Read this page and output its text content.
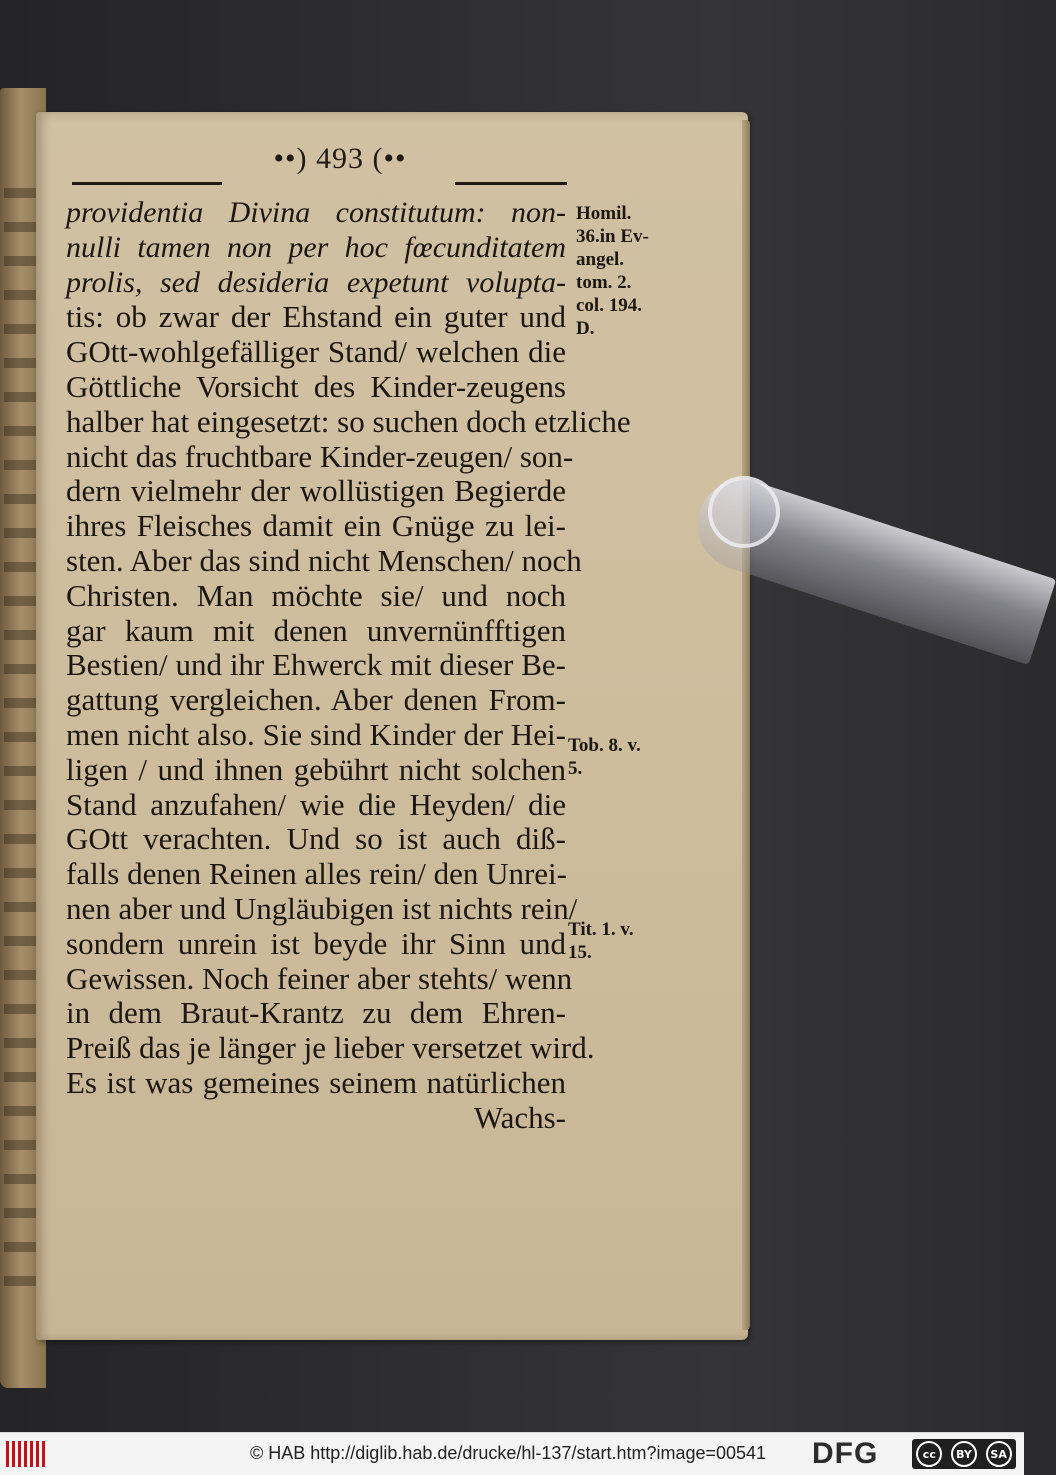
••) 493 (••
providentia Divina constitutum: non-
nulli tamen non per hoc fœcunditatem
prolis, sed desideria expetunt volupta-
tis: ob zwar der Ehstand ein guter und
GOtt-wohlgefälliger Stand/ welchen die
Göttliche Vorsicht des Kinder-zeugens
halber hat eingesetzt: so suchen doch etzliche
nicht das fruchtbare Kinder-zeugen/ son-
dern vielmehr der wollüstigen Begierde
ihres Fleisches damit ein Gnüge zu lei-
sten. Aber das sind nicht Menschen/ noch
Christen. Man möchte sie/ und noch
gar kaum mit denen unvernünfftigen
Bestien/ und ihr Ehwerck mit dieser Be-
gattung vergleichen. Aber denen From-
men nicht also. Sie sind Kinder der Hei-
ligen / und ihnen gebührt nicht solchen
Stand anzufahen/ wie die Heyden/ die
GOtt verachten. Und so ist auch diß-
falls denen Reinen alles rein/ den Unrei-
nen aber und Ungläubigen ist nichts rein/
sondern unrein ist beyde ihr Sinn und
Gewissen. Noch feiner aber stehts/ wenn
in dem Braut-Krantz zu dem Ehren-
Preiß das je länger je lieber versetzet wird.
Es ist was gemeines seinem natürlichen
Wachs-
Homil.
36.in Ev-
angel.
tom. 2.
col. 194.
D.
Tob. 8. v.
5.
Tit. 1. v.
15.
© HAB http://diglib.hab.de/drucke/hl-137/start.htm?image=00541 DFG	cc	BY	SA
